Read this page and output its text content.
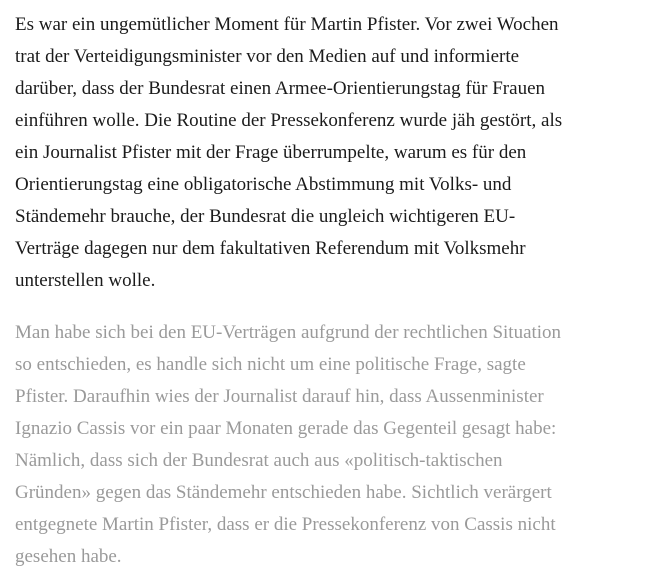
Es war ein ungemütlicher Moment für Martin Pfister. Vor zwei Wochen
trat der Verteidigungsminister vor den Medien auf und informierte
darüber, dass der Bundesrat einen Armee-Orientierungstag für Frauen
einführen wolle. Die Routine der Pressekonferenz wurde jäh gestört, als
ein Journalist Pfister mit der Frage überrumpelte, warum es für den
Orientierungstag eine obligatorische Abstimmung mit Volks- und
Ständemehr brauche, der Bundesrat die ungleich wichtigeren EU-
Verträge dagegen nur dem fakultativen Referendum mit Volksmehr
unterstellen wolle.

Man habe sich bei den EU-Verträgen aufgrund der rechtlichen Situation
so entschieden, es handle sich nicht um eine politische Frage, sagte
Pfister. Daraufhin wies der Journalist darauf hin, dass Aussenminister
Ignazio Cassis vor ein paar Monaten gerade das Gegenteil gesagt habe:
Nämlich, dass sich der Bundesrat auch aus «politisch-taktischen
Gründen» gegen das Ständemehr entschieden habe. Sichtlich verärgert
entgegnete Martin Pfister, dass er die Pressekonferenz von Cassis nicht
gesehen habe.
